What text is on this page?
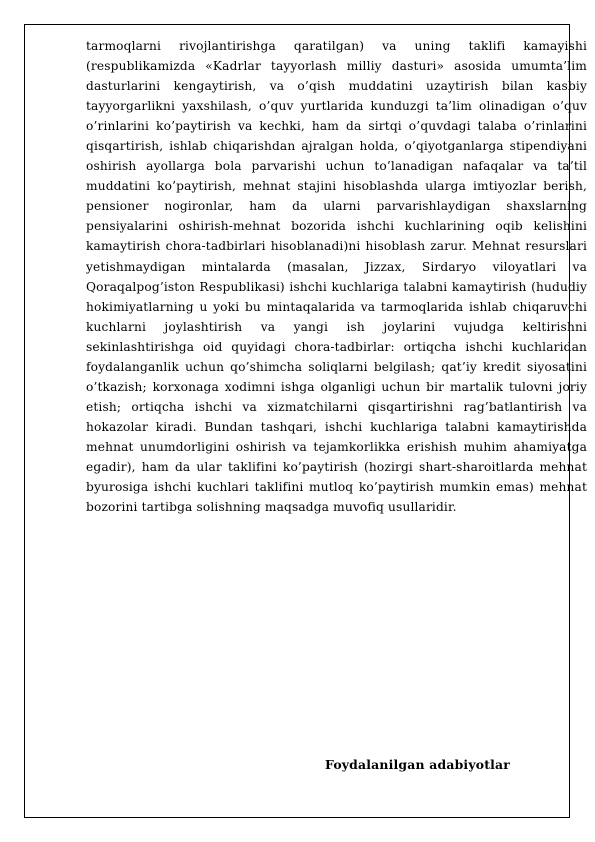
tarmoqlarni rivojlantirishga qaratilgan) va uning taklifi kamayishi (respublikamizda «Kadrlar tayyorlash milliy dasturi» asosida umumta’lim dasturlarini kengaytirish, va o’qish muddatini uzaytirish bilan kasbiy tayyorgarlikni yaxshilash, o’quv yurtlarida kunduzgi ta’lim olinadigan o’quv o’rinlarini ko’paytirish va kechki, ham da sirtqi o’quvdagi talaba o’rinlarini qisqartirish, ishlab chiqarishdan ajralgan holda, o’qiyotganlarga stipendiyani oshirish ayollarga bola parvarishi uchun to’lanadigan nafaqalar va ta’til muddatini ko’paytirish, mehnat stajini hisoblashda ularga imtiyozlar berish, pensioner nogironlar, ham da ularni parvarishlaydigan shaxslarning pensiyalarini oshirish-mehnat bozorida ishchi kuchlarining oqib kelishini kamaytirish chora-tadbirlari hisoblanadi)ni hisoblash zarur. Mehnat resurslari yetishmaydigan mintalarda (masalan, Jizzax, Sirdaryo viloyatlari va Qoraqalpog’iston Respublikasi) ishchi kuchlariga talabni kamaytirish (hududiy hokimiyatlarning u yoki bu mintaqalarida va tarmoqlarida ishlab chiqaruvchi kuchlarni joylashtirish va yangi ish joylarini vujudga keltirishni sekinlashtirishga oid quyidagi chora-tadbirlar: ortiqcha ishchi kuchlaridan foydalanganlik uchun qo’shimcha soliqlarni belgilash; qat’iy kredit siyosatini o’tkazish; korxonaga xodimni ishga olganligi uchun bir martalik tulovni joriy etish; ortiqcha ishchi va xizmatchilarni qisqartirishni rag’batlantirish va hokazolar kiradi. Bundan tashqari, ishchi kuchlariga talabni kamaytirishda mehnat unumdorligini oshirish va tejamkorlikka erishish muhim ahamiyatga egadir), ham da ular taklifini ko’paytirish (hozirgi shart-sharoitlarda mehnat byurosiga ishchi kuchlari taklifini mutloq ko’paytirish mumkin emas) mehnat bozorini tartibga solishning maqsadga muvofiq usullaridir.

Foydalanilgan adabiyotlar
